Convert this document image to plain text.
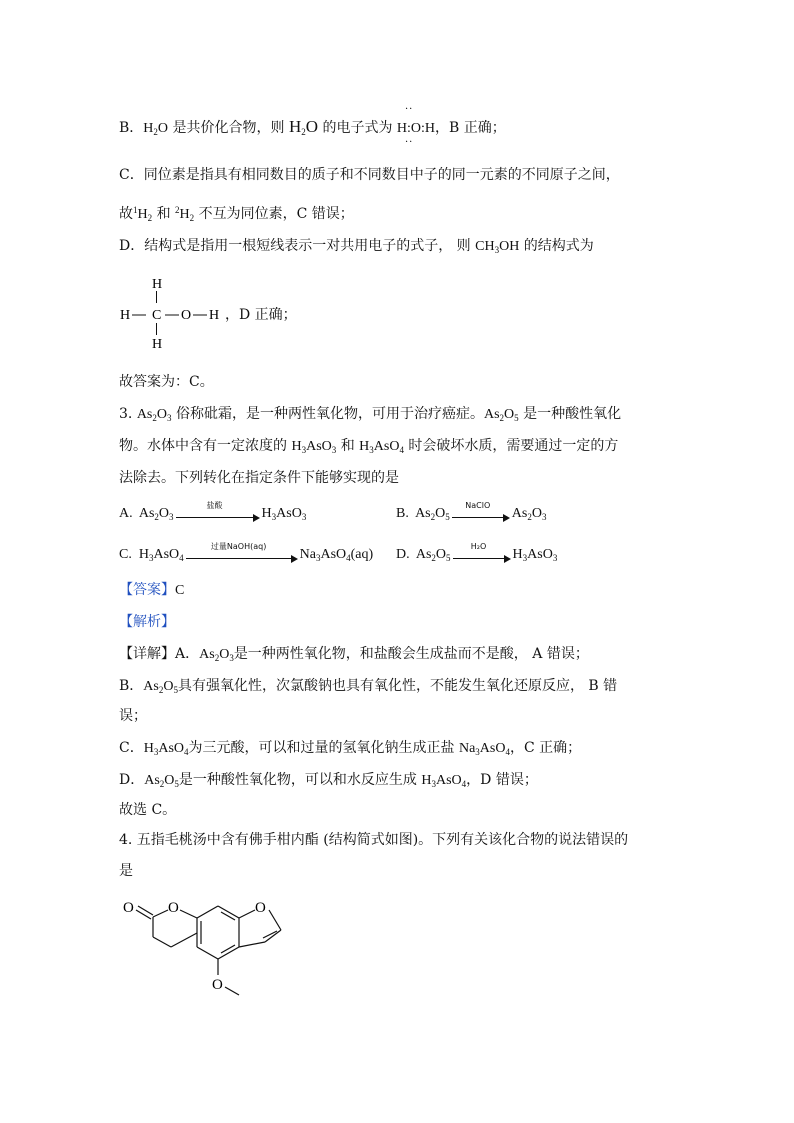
··
B．$H_2O$ 是共价化合物，则 $H_2O$ 的电子式为 H:O:H，B 正确；
··
C．同位素是指具有相同数目的质子和不同数目中子的同一元素的不同原子之间，
故$^1H_2$ 和 $^2H_2$ 不互为同位素，C 错误；
D．结构式是指用一根短线表示一对共用电子的式子， 则 $CH_3OH$ 的结构式为
H
H C O H
H
，D 正确；
故答案为：C。
3. $As_2O_3$ 俗称砒霜，是一种两性氧化物，可用于治疗癌症。$As_2O_5$ 是一种酸性氧化
物。水体中含有一定浓度的 $H_3AsO_3$ 和 $H_3AsO_4$ 时会破坏水质，需要通过一定的方
法除去。下列转化在指定条件下能够实现的是
A.  $As_2O_3$
盐酸
$H_3AsO_3$	B.  $As_2O_5$
NaClO
$As_2O_3$
C.  $H_3AsO_4$
过量NaOH(aq)
$Na_3AsO_4(aq)$ D.  $As_2O_5$
H₂O
$H_3AsO_3$
【答案】C
【解析】
【详解】A．$As_2O_3$是一种两性氧化物，和盐酸会生成盐而不是酸， A 错误；
B．$As_2O_5$具有强氧化性，次氯酸钠也具有氧化性，不能发生氧化还原反应， B 错
误；
C．$H_3AsO_4$为三元酸，可以和过量的氢氧化钠生成正盐 $Na_3AsO_4$，C 正确；
D．$As_2O_5$是一种酸性氧化物，可以和水反应生成 $H_3AsO_4$，D 错误；
故选 C。
4. 五指毛桃汤中含有佛手柑内酯 (结构简式如图)。下列有关该化合物的说法错误的
是
O O	O
O
